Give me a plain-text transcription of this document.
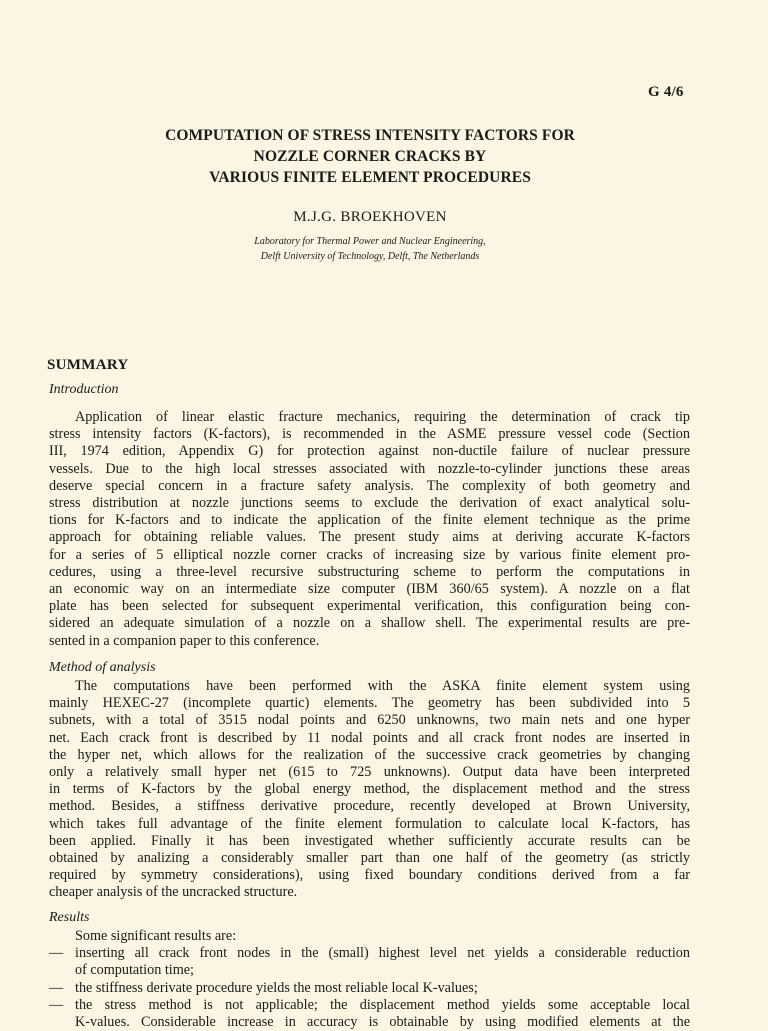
G 4/6
COMPUTATION OF STRESS INTENSITY FACTORS FOR
NOZZLE CORNER CRACKS BY
VARIOUS FINITE ELEMENT PROCEDURES
M.J.G. BROEKHOVEN
Laboratory for Thermal Power and Nuclear Engineering,
Delft University of Technology, Delft, The Netherlands
SUMMARY
Introduction
Application of linear elastic fracture mechanics, requiring the determination of crack tip
stress intensity factors (K-factors), is recommended in the ASME pressure vessel code (Section
III, 1974 edition, Appendix G) for protection against non-ductile failure of nuclear pressure
vessels. Due to the high local stresses associated with nozzle-to-cylinder junctions these areas
deserve special concern in a fracture safety analysis. The complexity of both geometry and
stress distribution at nozzle junctions seems to exclude the derivation of exact analytical solu-
tions for K-factors and to indicate the application of the finite element technique as the prime
approach for obtaining reliable values. The present study aims at deriving accurate K-factors
for a series of 5 elliptical nozzle corner cracks of increasing size by various finite element pro-
cedures, using a three-level recursive substructuring scheme to perform the computations in
an economic way on an intermediate size computer (IBM 360/65 system). A nozzle on a flat
plate has been selected for subsequent experimental verification, this configuration being con-
sidered an adequate simulation of a nozzle on a shallow shell. The experimental results are pre-
sented in a companion paper to this conference.
Method of analysis
The computations have been performed with the ASKA finite element system using
mainly HEXEC-27 (incomplete quartic) elements. The geometry has been subdivided into 5
subnets, with a total of 3515 nodal points and 6250 unknowns, two main nets and one hyper
net. Each crack front is described by 11 nodal points and all crack front nodes are inserted in
the hyper net, which allows for the realization of the successive crack geometries by changing
only a relatively small hyper net (615 to 725 unknowns). Output data have been interpreted
in terms of K-factors by the global energy method, the displacement method and the stress
method. Besides, a stiffness derivative procedure, recently developed at Brown University,
which takes full advantage of the finite element formulation to calculate local K-factors, has
been applied. Finally it has been investigated whether sufficiently accurate results can be
obtained by analizing a considerably smaller part than one half of the geometry (as strictly
required by symmetry considerations), using fixed boundary conditions derived from a far
cheaper analysis of the uncracked structure.
Results
Some significant results are:
— inserting all crack front nodes in the (small) highest level net yields a considerable reduction
of computation time;
— the stiffness derivate procedure yields the most reliable local K-values;
— the stress method is not applicable; the displacement method yields some acceptable local
K-values. Considerable increase in accuracy is obtainable by using modified elements at the
